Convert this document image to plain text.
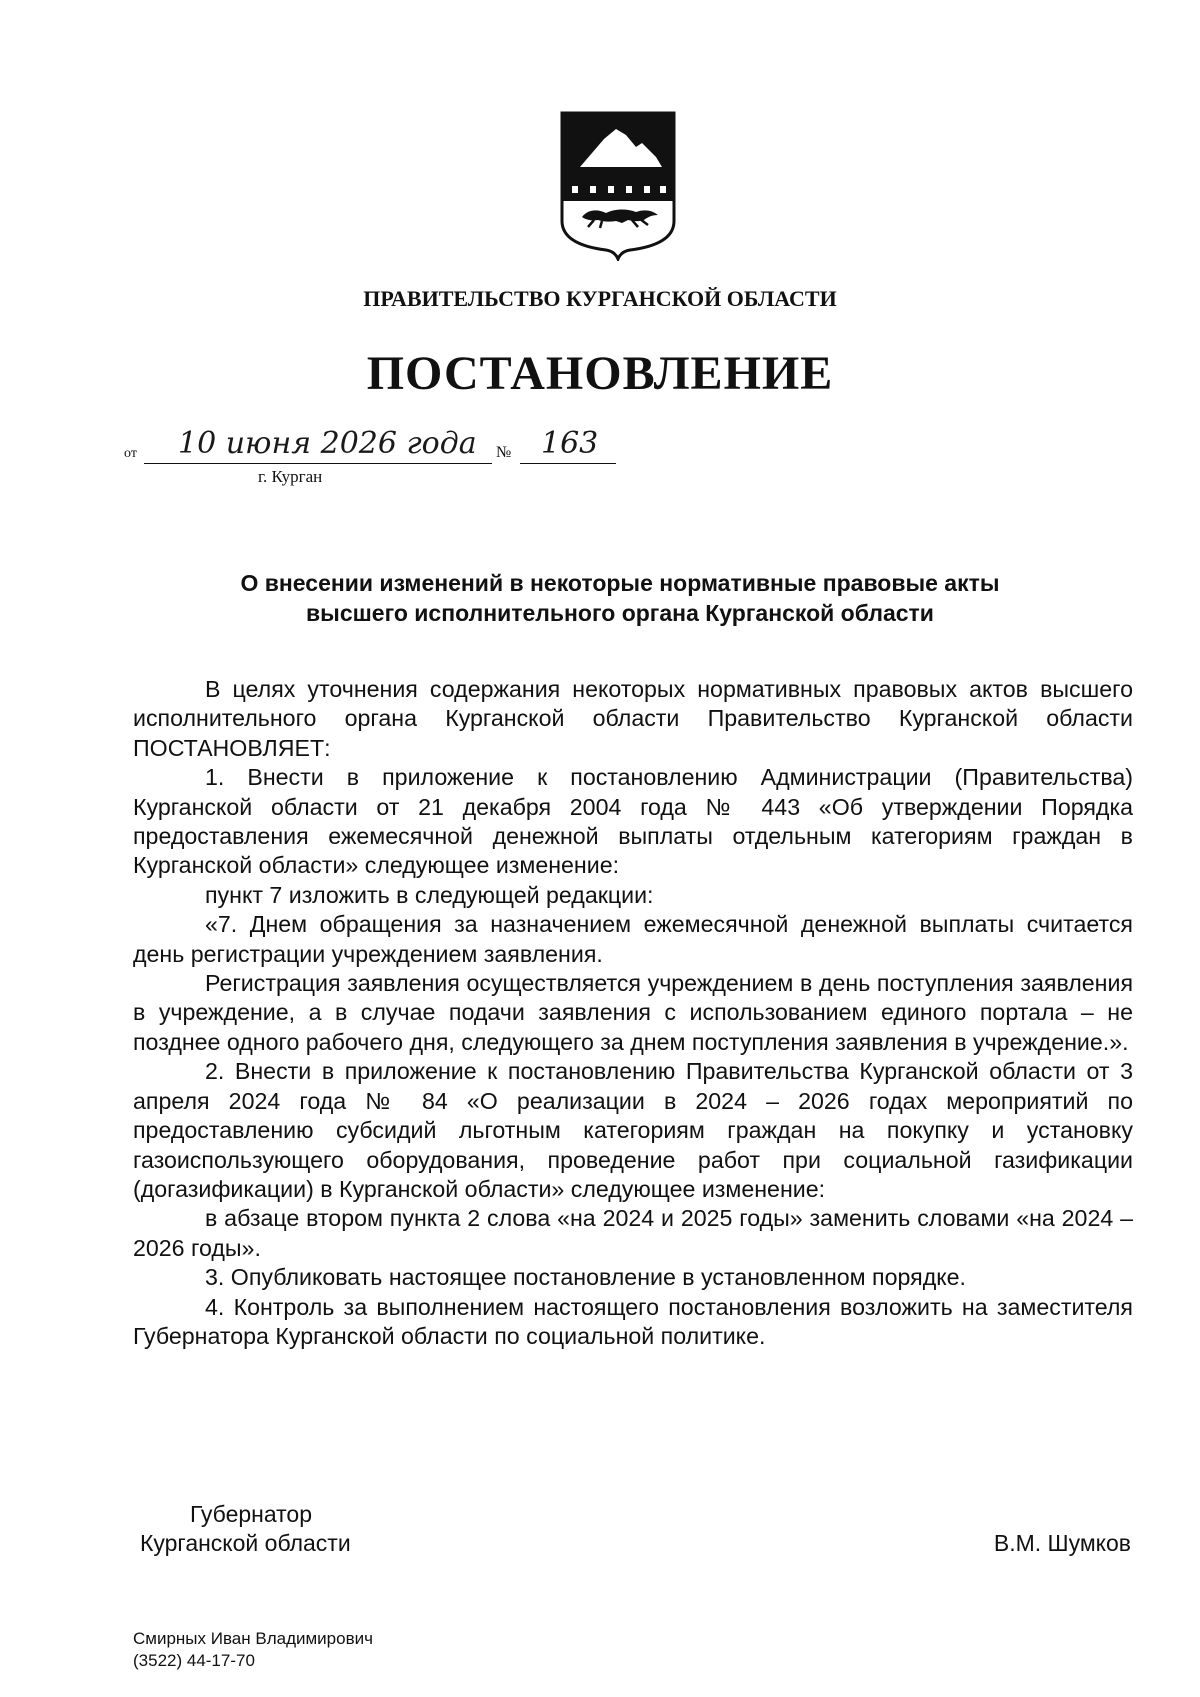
ПРАВИТЕЛЬСТВО КУРГАНСКОЙ ОБЛАСТИ
ПОСТАНОВЛЕНИЕ
от 10 июня 2026 года № 163
г. Курган
О внесении изменений в некоторые нормативные правовые акты
высшего исполнительного органа Курганской области

В целях уточнения содержания некоторых нормативных правовых актов высшего исполнительного органа Курганской области Правительство Курганской области ПОСТАНОВЛЯЕТ:

1. Внести в приложение к постановлению Администрации (Правительства) Курганской области от 21 декабря 2004 года № 443 «Об утверждении Порядка предоставления ежемесячной денежной выплаты отдельным категориям граждан в Курганской области» следующее изменение:

пункт 7 изложить в следующей редакции:

«7. Днем обращения за назначением ежемесячной денежной выплаты считается день регистрации учреждением заявления.

Регистрация заявления осуществляется учреждением в день поступления заявления в учреждение, а в случае подачи заявления с использованием единого портала – не позднее одного рабочего дня, следующего за днем поступления заявления в учреждение.».

2. Внести в приложение к постановлению Правительства Курганской области от 3 апреля 2024 года № 84 «О реализации в 2024 – 2026 годах мероприятий по предоставлению субсидий льготным категориям граждан на покупку и установку газоиспользующего оборудования, проведение работ при социальной газификации (догазификации) в Курганской области» следующее изменение:

в абзаце втором пункта 2 слова «на 2024 и 2025 годы» заменить словами «на 2024 – 2026 годы».

3. Опубликовать настоящее постановление в установленном порядке.

4. Контроль за выполнением настоящего постановления возложить на заместителя Губернатора Курганской области по социальной политике.

Губернатор
Курганской области	В.М. Шумков
Смирных Иван Владимирович
(3522) 44-17-70
